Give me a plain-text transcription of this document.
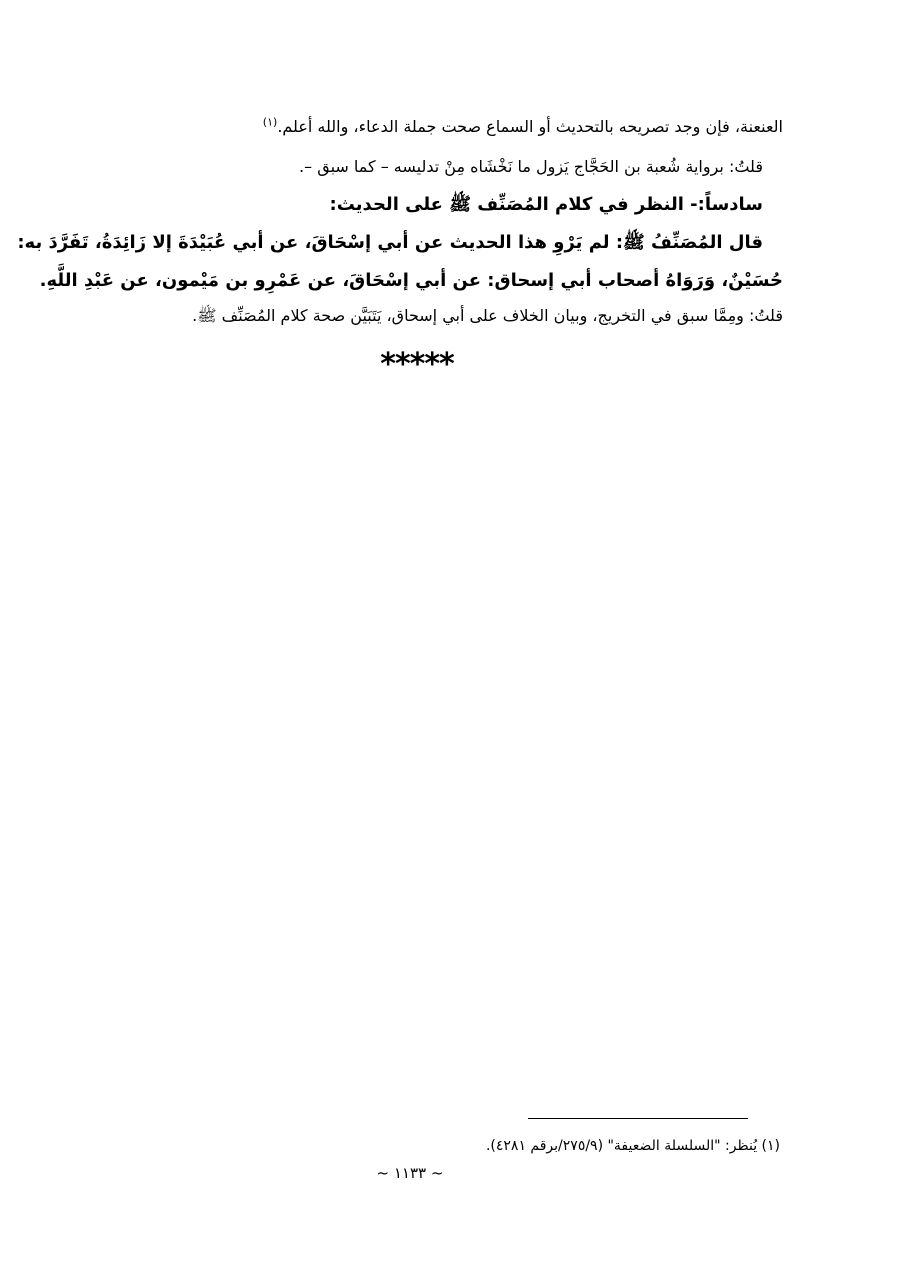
العنعنة، فإن وجد تصريحه بالتحديث أو السماع صحت جملة الدعاء، والله أعلم.$^{(١)}$
قلتُ: برواية شُعبة بن الحَجَّاج يَزول ما نَخْشَاه مِنْ تدليسه – كما سبق –.
سادساً:- النظر في كلام المُصَنِّف ﷺ على الحديث:
قال المُصَنِّفُ ﷺ: لم يَرْوِ هذا الحديث عن أبي إسْحَاقَ، عن أبي عُبَيْدَةَ إلا زَائِدَةُ، تَفَرَّدَ به:
حُسَيْنٌ، وَرَوَاهُ أصحاب أبي إسحاق: عن أبي إسْحَاقَ، عن عَمْرِو بن مَيْمون، عن عَبْدِ اللَّهِ.
قلتُ: ومِمَّا سبق في التخريج، وبيان الخلاف على أبي إسحاق، يَتَبَيَّن صحة كلام المُصَنِّف ﷺ.
*****
(١) يُنظر: "السلسلة الضعيفة" (٢٧٥/٩/برقم ٤٢٨١).
~ ١١٣٣ ~
